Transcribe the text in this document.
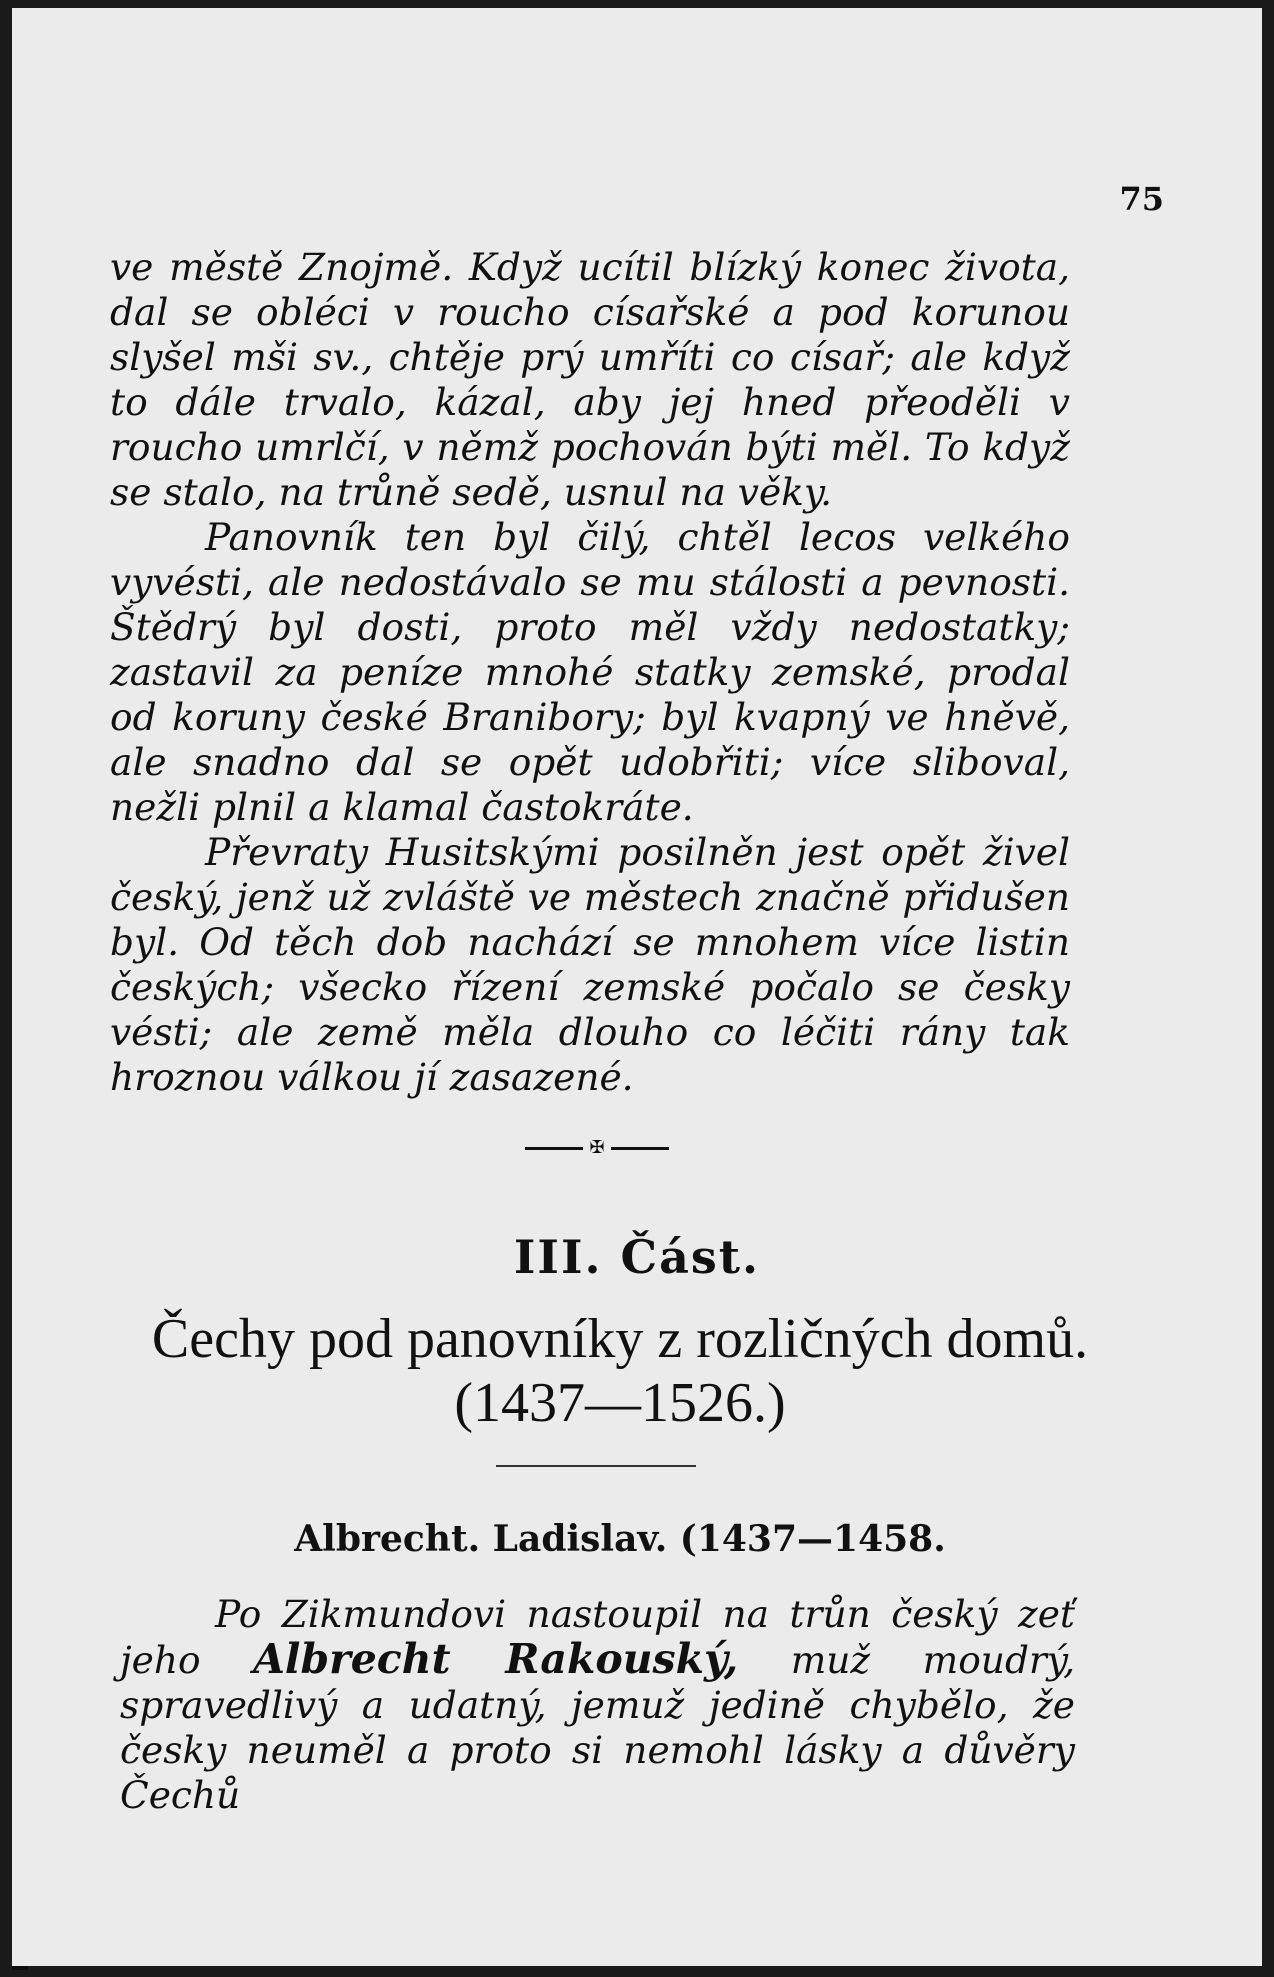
75

ve městě Znojmě. Když ucítil blízký konec života, dal se obléci v roucho císařské a pod korunou slyšel mši sv., chtěje prý umříti co císař; ale když to dále trvalo, kázal, aby jej hned přeoděli v roucho umrlčí, v němž pochován býti měl. To když se stalo, na trůně sedě, usnul na věky.

Panovník ten byl čilý, chtěl lecos velkého vyvésti, ale nedostávalo se mu stálosti a pevnosti. Štědrý byl dosti, proto měl vždy nedostatky; zastavil za peníze mnohé statky zemské, prodal od koruny české Branibory; byl kvapný ve hněvě, ale snadno dal se opět udobřiti; více sliboval, nežli plnil a klamal častokráte.

Převraty Husitskými posilněn jest opět živel český, jenž už zvláště ve městech značně přidušen byl. Od těch dob nachází se mnohem více listin českých; všecko řízení zemské počalo se česky vésti; ale země měla dlouho co léčiti rány tak hroznou válkou jí zasazené.

✠
III. Část.
Čechy pod panovníky z rozličných domů. (1437—1526.)
Albrecht. Ladislav. (1437—1458.

Po Zikmundovi nastoupil na trůn český zeť jeho Albrecht Rakouský, muž moudrý, spravedlivý a udatný, jemuž jedině chybělo, že česky neuměl a proto si nemohl lásky a důvěry Čechů
